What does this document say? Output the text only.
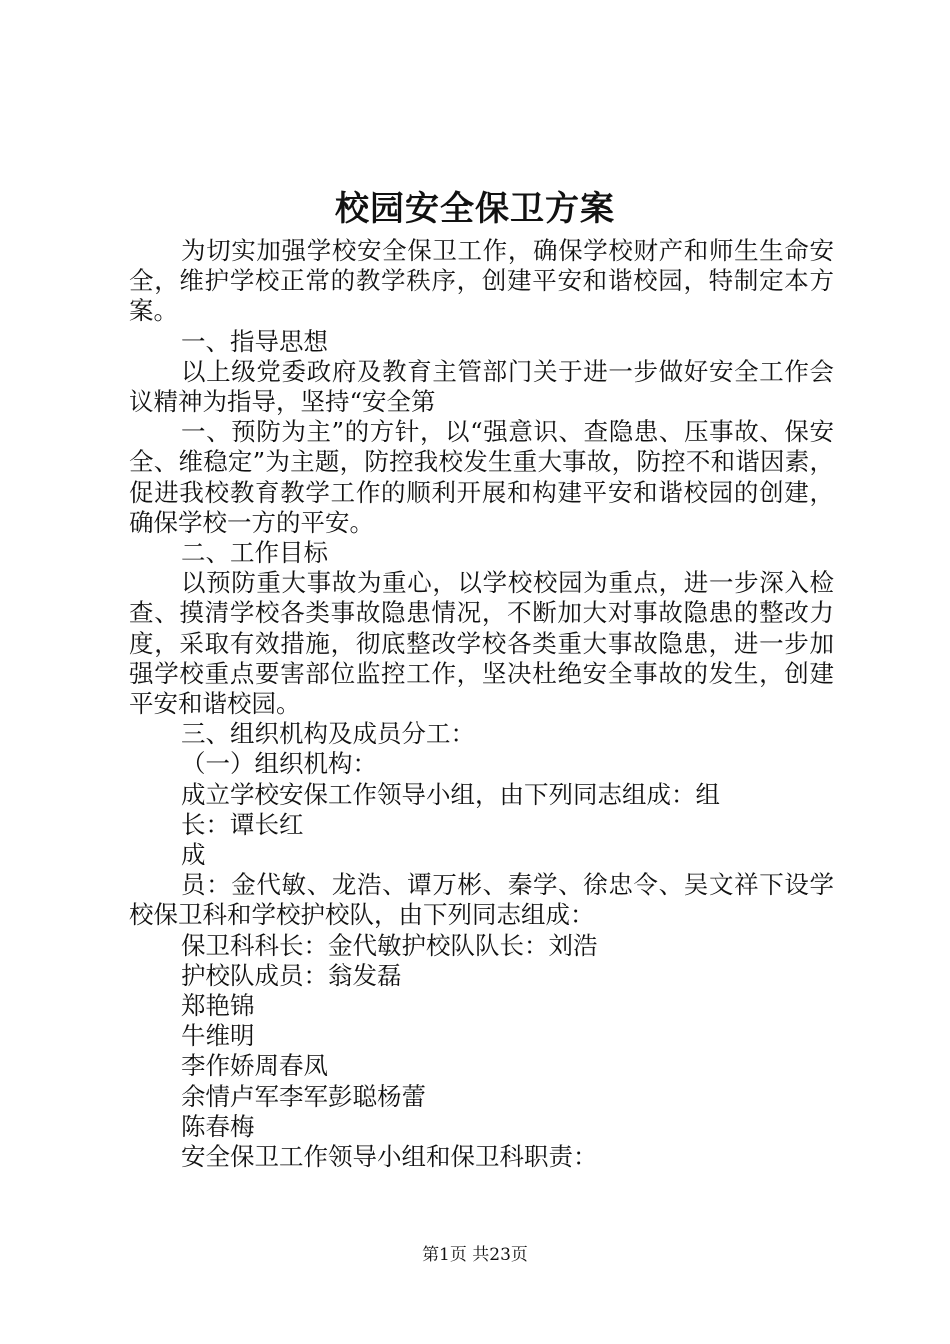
校园安全保卫方案

为切实加强学校安全保卫工作，确保学校财产和师生生命安全，维护学校正常的教学秩序，创建平安和谐校园，特制定本方案。

一、指导思想

以上级党委政府及教育主管部门关于进一步做好安全工作会议精神为指导，坚持“安全第

一、预防为主”的方针，以“强意识、查隐患、压事故、保安全、维稳定”为主题，防控我校发生重大事故，防控不和谐因素，促进我校教育教学工作的顺利开展和构建平安和谐校园的创建，确保学校一方的平安。

二、工作目标

以预防重大事故为重心，以学校校园为重点，进一步深入检查、摸清学校各类事故隐患情况，不断加大对事故隐患的整改力度，采取有效措施，彻底整改学校各类重大事故隐患，进一步加强学校重点要害部位监控工作，坚决杜绝安全事故的发生，创建平安和谐校园。

三、组织机构及成员分工：

（一）组织机构：

成立学校安保工作领导小组，由下列同志组成：组

长：谭长红

成

员：金代敏、龙浩、谭万彬、秦学、徐忠令、吴文祥下设学校保卫科和学校护校队，由下列同志组成：

保卫科科长：金代敏护校队队长：刘浩

护校队成员：翁发磊

郑艳锦

牛维明

李作娇周春凤

余情卢军李军彭聪杨蕾

陈春梅

安全保卫工作领导小组和保卫科职责：

第1页 共23页
